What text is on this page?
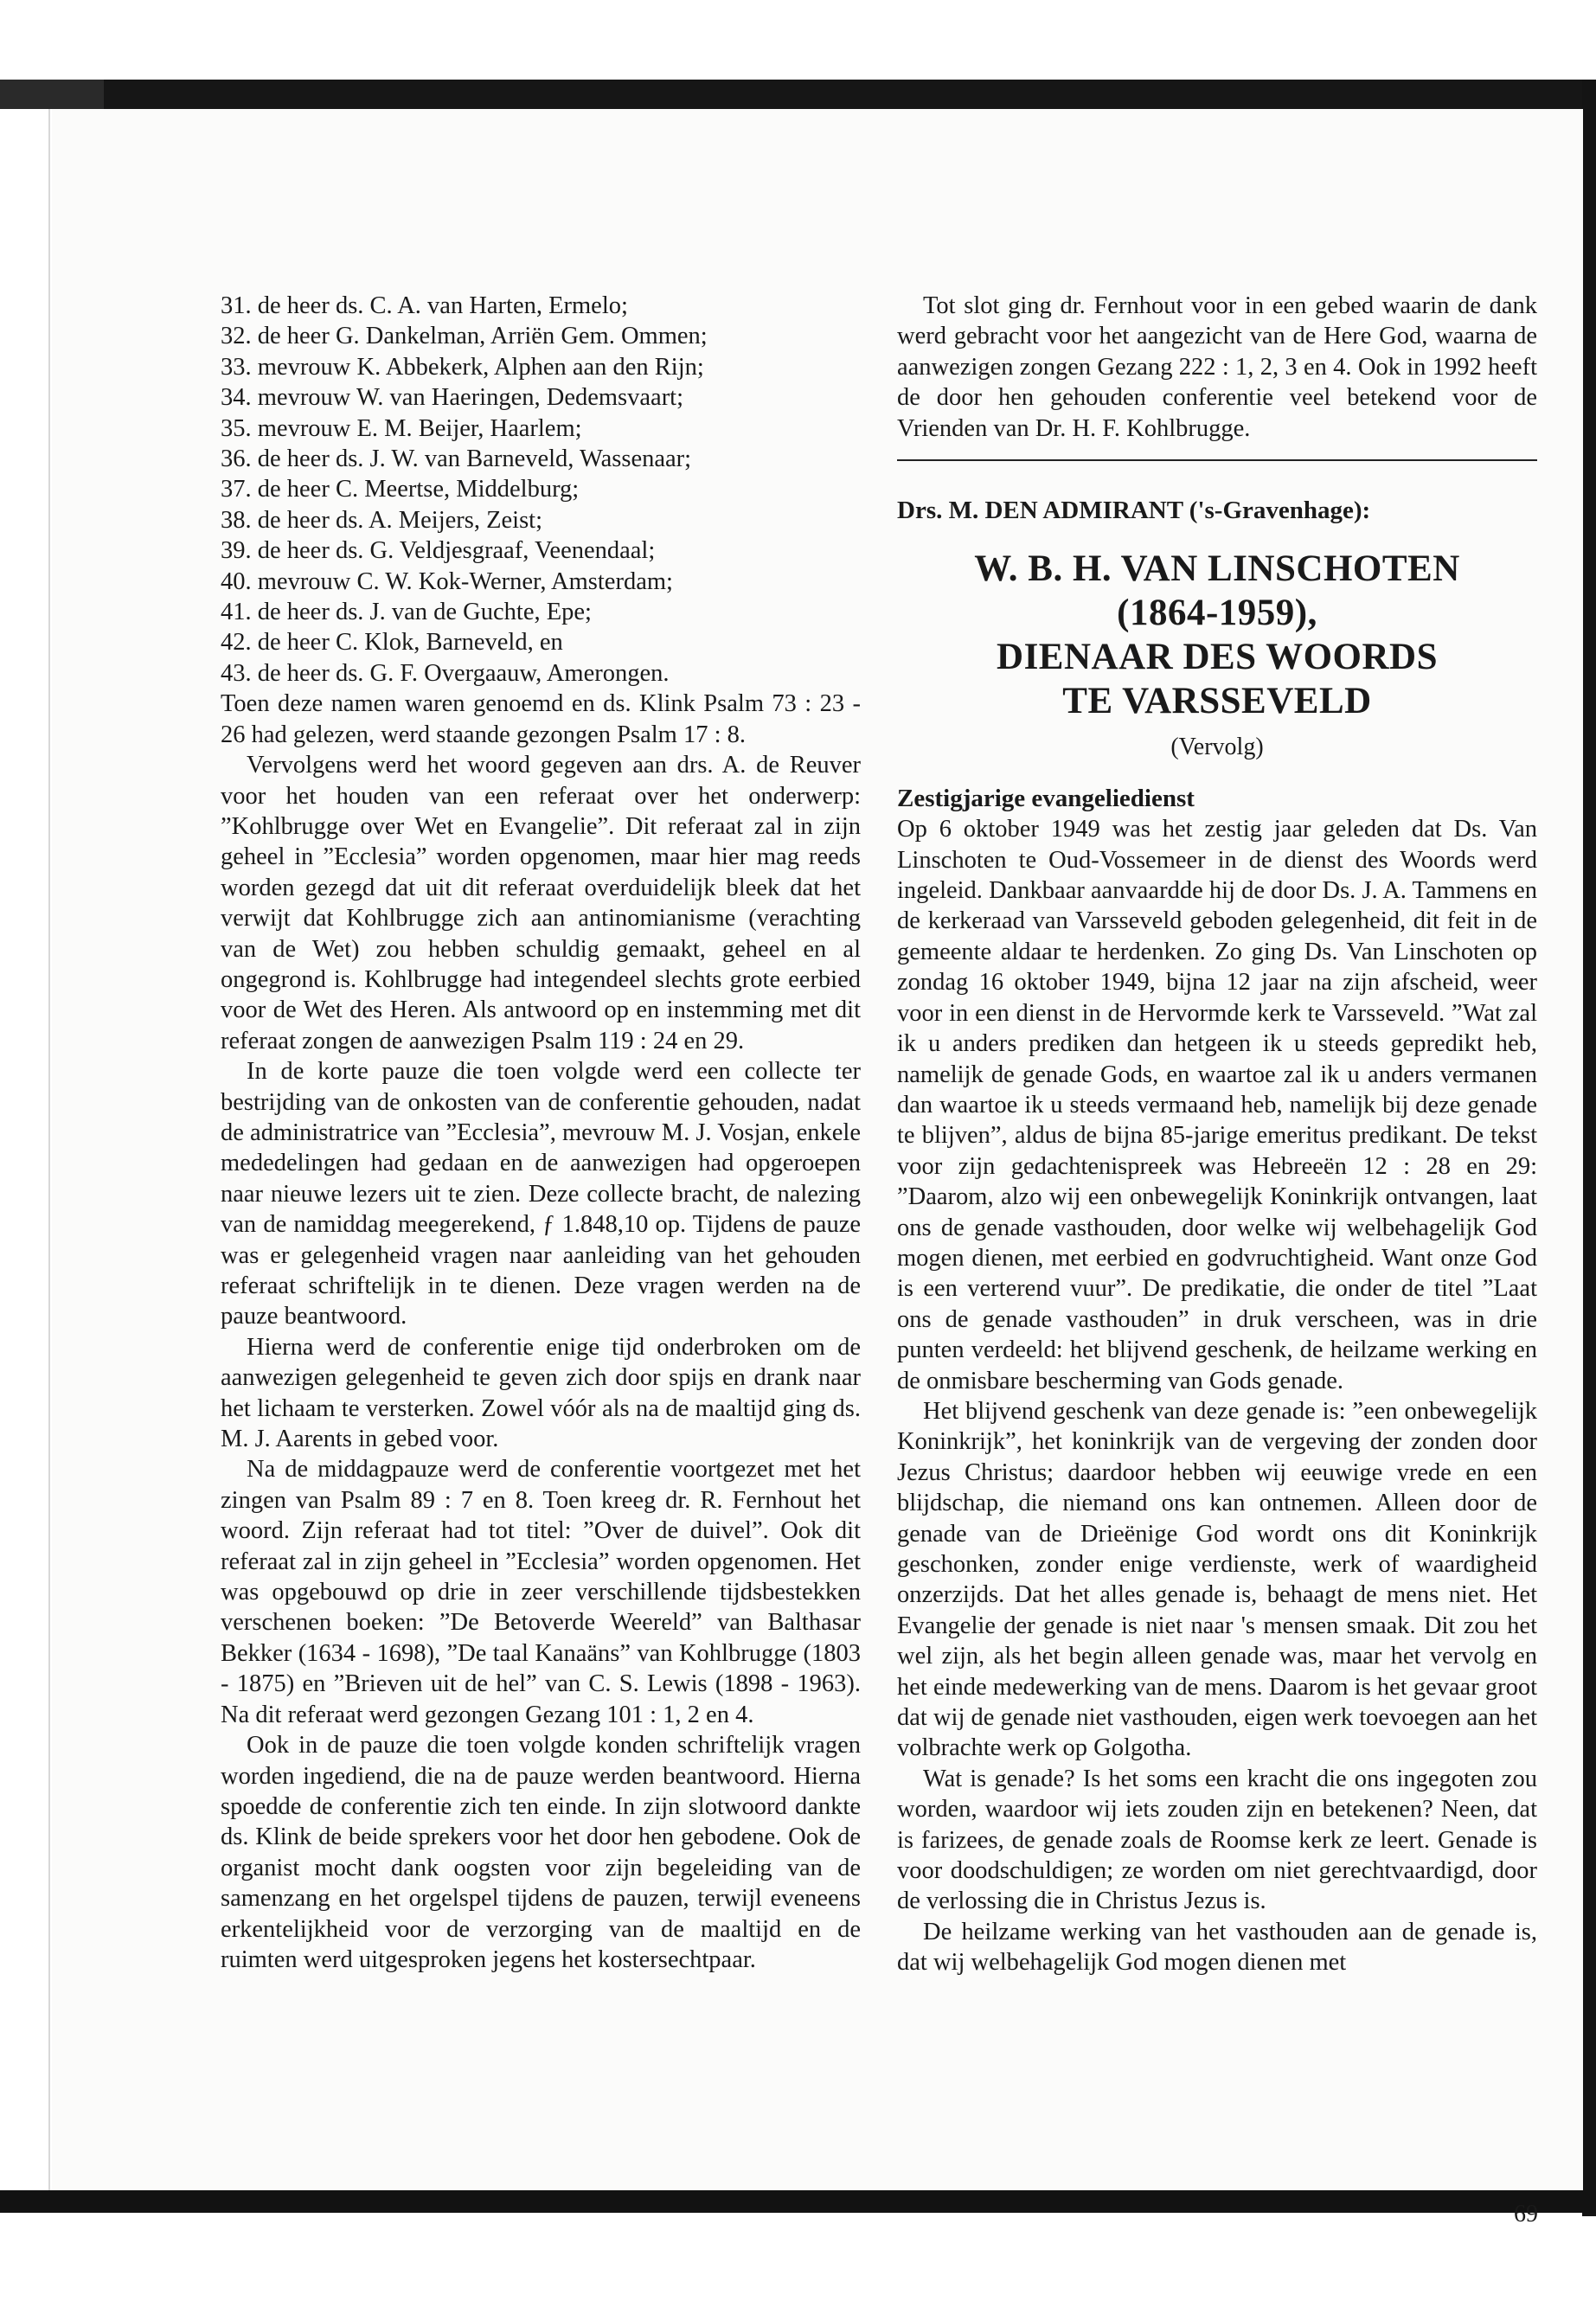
31. de heer ds. C. A. van Harten, Ermelo;
32. de heer G. Dankelman, Arriën Gem. Ommen;
33. mevrouw K. Abbekerk, Alphen aan den Rijn;
34. mevrouw W. van Haeringen, Dedemsvaart;
35. mevrouw E. M. Beijer, Haarlem;
36. de heer ds. J. W. van Barneveld, Wassenaar;
37. de heer C. Meertse, Middelburg;
38. de heer ds. A. Meijers, Zeist;
39. de heer ds. G. Veldjesgraaf, Veenendaal;
40. mevrouw C. W. Kok-Werner, Amsterdam;
41. de heer ds. J. van de Guchte, Epe;
42. de heer C. Klok, Barneveld, en
43. de heer ds. G. F. Overgaauw, Amerongen.

Toen deze namen waren genoemd en ds. Klink Psalm 73 : 23 - 26 had gelezen, werd staande gezongen Psalm 17 : 8.

Vervolgens werd het woord gegeven aan drs. A. de Reuver voor het houden van een referaat over het onderwerp: ”Kohlbrugge over Wet en Evangelie”. Dit referaat zal in zijn geheel in ”Ecclesia” worden opgenomen, maar hier mag reeds worden gezegd dat uit dit referaat overduidelijk bleek dat het verwijt dat Kohlbrugge zich aan antinomianisme (verachting van de Wet) zou hebben schuldig gemaakt, geheel en al ongegrond is. Kohlbrugge had integendeel slechts grote eerbied voor de Wet des Heren. Als antwoord op en instemming met dit referaat zongen de aanwezigen Psalm 119 : 24 en 29.

In de korte pauze die toen volgde werd een collecte ter bestrijding van de onkosten van de conferentie gehouden, nadat de administratrice van ”Ecclesia”, mevrouw M. J. Vosjan, enkele mededelingen had gedaan en de aanwezigen had opgeroepen naar nieuwe lezers uit te zien. Deze collecte bracht, de nalezing van de namiddag meegerekend, ƒ 1.848,10 op. Tijdens de pauze was er gelegenheid vragen naar aanleiding van het gehouden referaat schriftelijk in te dienen. Deze vragen werden na de pauze beantwoord.

Hierna werd de conferentie enige tijd onderbroken om de aanwezigen gelegenheid te geven zich door spijs en drank naar het lichaam te versterken. Zowel vóór als na de maaltijd ging ds. M. J. Aarents in gebed voor.

Na de middagpauze werd de conferentie voortgezet met het zingen van Psalm 89 : 7 en 8. Toen kreeg dr. R. Fernhout het woord. Zijn referaat had tot titel: ”Over de duivel”. Ook dit referaat zal in zijn geheel in ”Ecclesia” worden opgenomen. Het was opgebouwd op drie in zeer verschillende tijdsbestekken verschenen boeken: ”De Betoverde Weereld” van Balthasar Bekker (1634 - 1698), ”De taal Kanaäns” van Kohlbrugge (1803 - 1875) en ”Brieven uit de hel” van C. S. Lewis (1898 - 1963). Na dit referaat werd gezongen Gezang 101 : 1, 2 en 4.

Ook in de pauze die toen volgde konden schriftelijk vragen worden ingediend, die na de pauze werden beantwoord. Hierna spoedde de conferentie zich ten einde. In zijn slotwoord dankte ds. Klink de beide sprekers voor het door hen gebodene. Ook de organist mocht dank oogsten voor zijn begeleiding van de samenzang en het orgelspel tijdens de pauzen, terwijl eveneens erkentelijkheid voor de verzorging van de maaltijd en de ruimten werd uitgesproken jegens het kostersechtpaar.

Tot slot ging dr. Fernhout voor in een gebed waarin de dank werd gebracht voor het aangezicht van de Here God, waarna de aanwezigen zongen Gezang 222 : 1, 2, 3 en 4. Ook in 1992 heeft de door hen gehouden conferentie veel betekend voor de Vrienden van Dr. H. F. Kohlbrugge.

Drs. M. DEN ADMIRANT ('s-Gravenhage):

W. B. H. VAN LINSCHOTEN
(1864-1959),
DIENAAR DES WOORDS
TE VARSSEVELD

(Vervolg)

Zestigjarige evangeliedienst

Op 6 oktober 1949 was het zestig jaar geleden dat Ds. Van Linschoten te Oud-Vossemeer in de dienst des Woords werd ingeleid. Dankbaar aanvaardde hij de door Ds. J. A. Tammens en de kerkeraad van Varsseveld geboden gelegenheid, dit feit in de gemeente aldaar te herdenken. Zo ging Ds. Van Linschoten op zondag 16 oktober 1949, bijna 12 jaar na zijn afscheid, weer voor in een dienst in de Hervormde kerk te Varsseveld. ”Wat zal ik u anders prediken dan hetgeen ik u steeds gepredikt heb, namelijk de genade Gods, en waartoe zal ik u anders vermanen dan waartoe ik u steeds vermaand heb, namelijk bij deze genade te blijven”, aldus de bijna 85-jarige emeritus predikant. De tekst voor zijn gedachtenispreek was Hebreeën 12 : 28 en 29: ”Daarom, alzo wij een onbewegelijk Koninkrijk ontvangen, laat ons de genade vasthouden, door welke wij welbehagelijk God mogen dienen, met eerbied en godvruchtigheid. Want onze God is een verterend vuur”. De predikatie, die onder de titel ”Laat ons de genade vasthouden” in druk verscheen, was in drie punten verdeeld: het blijvend geschenk, de heilzame werking en de onmisbare bescherming van Gods genade.

Het blijvend geschenk van deze genade is: ”een onbewegelijk Koninkrijk”, het koninkrijk van de vergeving der zonden door Jezus Christus; daardoor hebben wij eeuwige vrede en een blijdschap, die niemand ons kan ontnemen. Alleen door de genade van de Drieënige God wordt ons dit Koninkrijk geschonken, zonder enige verdienste, werk of waardigheid onzerzijds. Dat het alles genade is, behaagt de mens niet. Het Evangelie der genade is niet naar 's mensen smaak. Dit zou het wel zijn, als het begin alleen genade was, maar het vervolg en het einde medewerking van de mens. Daarom is het gevaar groot dat wij de genade niet vasthouden, eigen werk toevoegen aan het volbrachte werk op Golgotha.

Wat is genade? Is het soms een kracht die ons ingegoten zou worden, waardoor wij iets zouden zijn en betekenen? Neen, dat is farizees, de genade zoals de Roomse kerk ze leert. Genade is voor doodschuldigen; ze worden om niet gerechtvaardigd, door de verlossing die in Christus Jezus is.

De heilzame werking van het vasthouden aan de genade is, dat wij welbehagelijk God mogen dienen met

69
